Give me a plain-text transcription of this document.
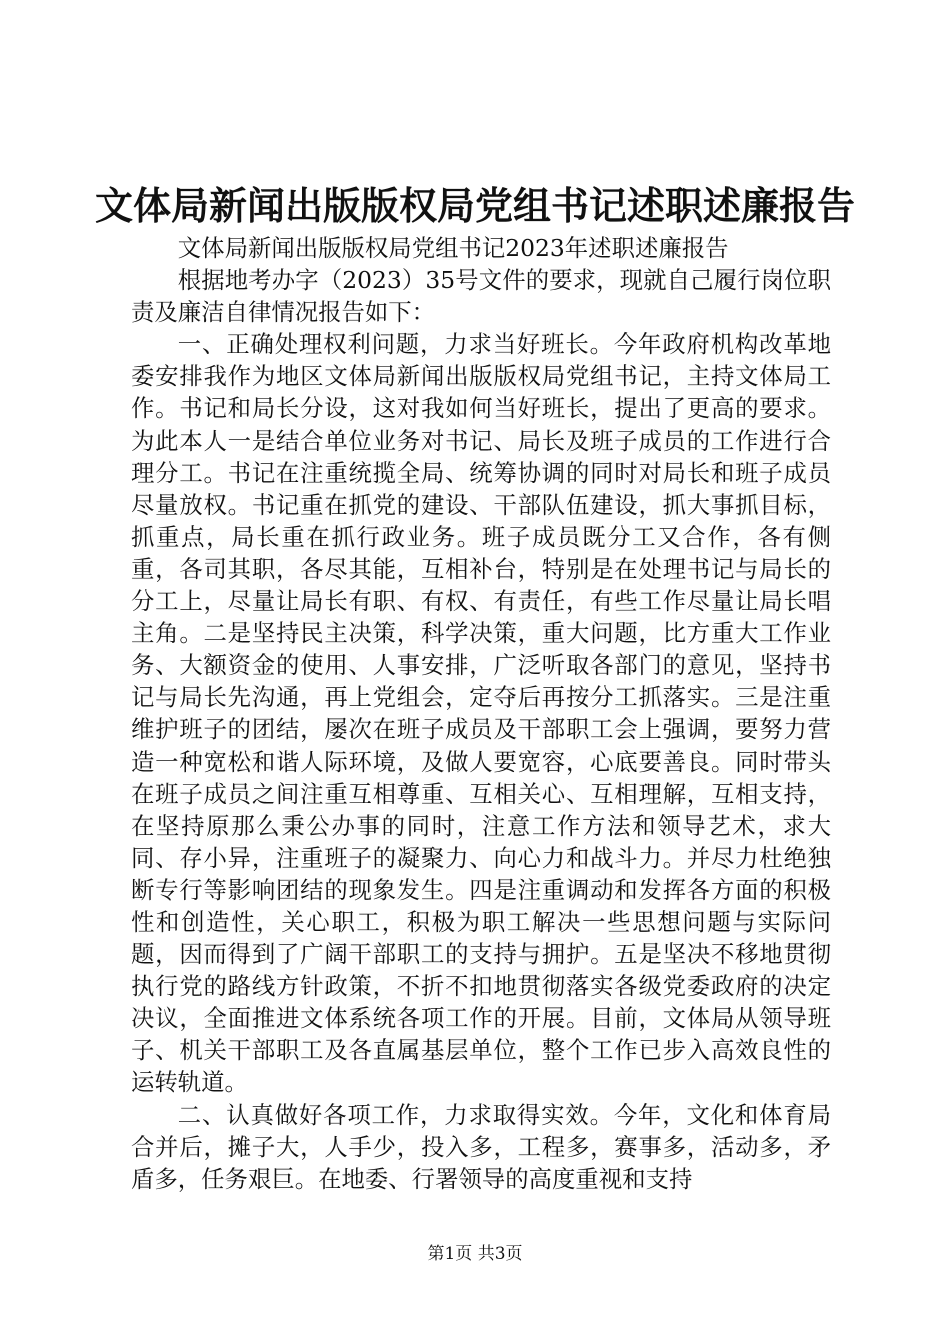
文体局新闻出版版权局党组书记述职述廉报告

文体局新闻出版版权局党组书记2023年述职述廉报告

根据地考办字（2023）35号文件的要求，现就自己履行岗位职责及廉洁自律情况报告如下：

一、正确处理权利问题，力求当好班长。今年政府机构改革地委安排我作为地区文体局新闻出版版权局党组书记，主持文体局工作。书记和局长分设，这对我如何当好班长，提出了更高的要求。为此本人一是结合单位业务对书记、局长及班子成员的工作进行合理分工。书记在注重统揽全局、统筹协调的同时对局长和班子成员尽量放权。书记重在抓党的建设、干部队伍建设，抓大事抓目标，抓重点，局长重在抓行政业务。班子成员既分工又合作，各有侧重，各司其职，各尽其能，互相补台，特别是在处理书记与局长的分工上，尽量让局长有职、有权、有责任，有些工作尽量让局长唱主角。二是坚持民主决策，科学决策，重大问题，比方重大工作业务、大额资金的使用、人事安排，广泛听取各部门的意见，坚持书记与局长先沟通，再上党组会，定夺后再按分工抓落实。三是注重维护班子的团结，屡次在班子成员及干部职工会上强调，要努力营造一种宽松和谐人际环境，及做人要宽容，心底要善良。同时带头在班子成员之间注重互相尊重、互相关心、互相理解，互相支持，在坚持原那么秉公办事的同时，注意工作方法和领导艺术，求大同、存小异，注重班子的凝聚力、向心力和战斗力。并尽力杜绝独断专行等影响团结的现象发生。四是注重调动和发挥各方面的积极性和创造性，关心职工，积极为职工解决一些思想问题与实际问题，因而得到了广阔干部职工的支持与拥护。五是坚决不移地贯彻执行党的路线方针政策，不折不扣地贯彻落实各级党委政府的决定决议，全面推进文体系统各项工作的开展。目前，文体局从领导班子、机关干部职工及各直属基层单位，整个工作已步入高效良性的运转轨道。

二、认真做好各项工作，力求取得实效。今年，文化和体育局合并后，摊子大，人手少，投入多，工程多，赛事多，活动多，矛盾多，任务艰巨。在地委、行署领导的高度重视和支持

第1页 共3页
